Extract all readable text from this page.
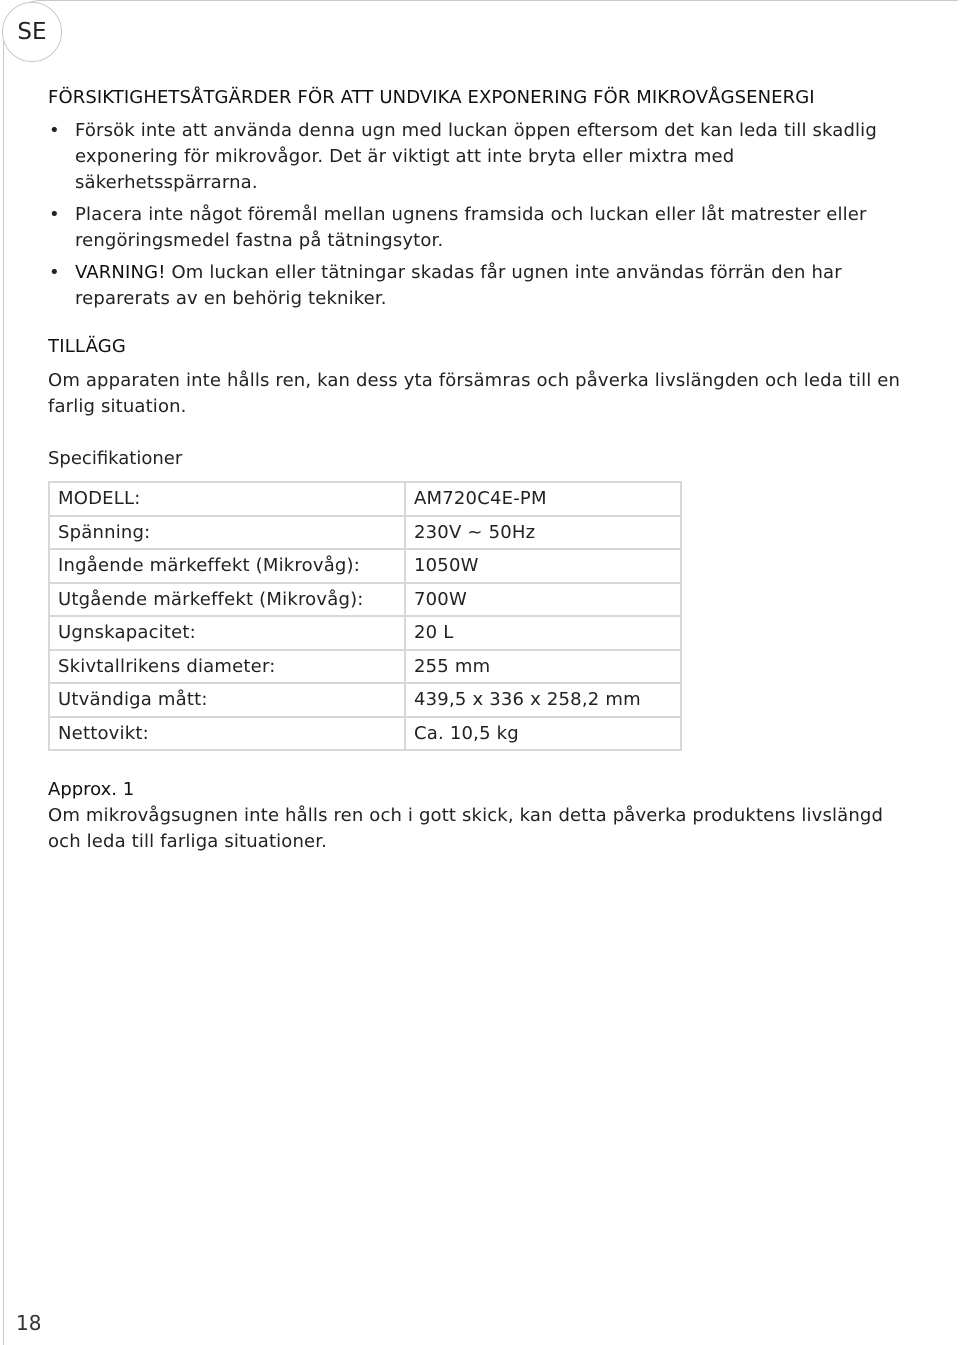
SE
FÖRSIKTIGHETSÅTGÄRDER FÖR ATT UNDVIKA EXPONERING FÖR MIKROVÅGSENERGI
• Försök inte att använda denna ugn med luckan öppen eftersom det kan leda till skadlig exponering för mikrovågor. Det är viktigt att inte bryta eller mixtra med säkerhetsspärrarna.
• Placera inte något föremål mellan ugnens framsida och luckan eller låt matrester eller rengöringsmedel fastna på tätningsytor.
• VARNING! Om luckan eller tätningar skadas får ugnen inte användas förrän den har reparerats av en behörig tekniker.
TILLÄGG
Om apparaten inte hålls ren, kan dess yta försämras och påverka livslängden och leda till en farlig situation.
Specifikationer
MODELL:	AM720C4E-PM
Spänning:	230V ~ 50Hz
Ingående märkeffekt (Mikrovåg):	1050W
Utgående märkeffekt (Mikrovåg):	700W
Ugnskapacitet:	20 L
Skivtallrikens diameter:	255 mm
Utvändiga mått:	439,5 x 336 x 258,2 mm
Nettovikt:	Ca. 10,5 kg
Approx. 1
Om mikrovågsugnen inte hålls ren och i gott skick, kan detta påverka produktens livslängd och leda till farliga situationer.
18
